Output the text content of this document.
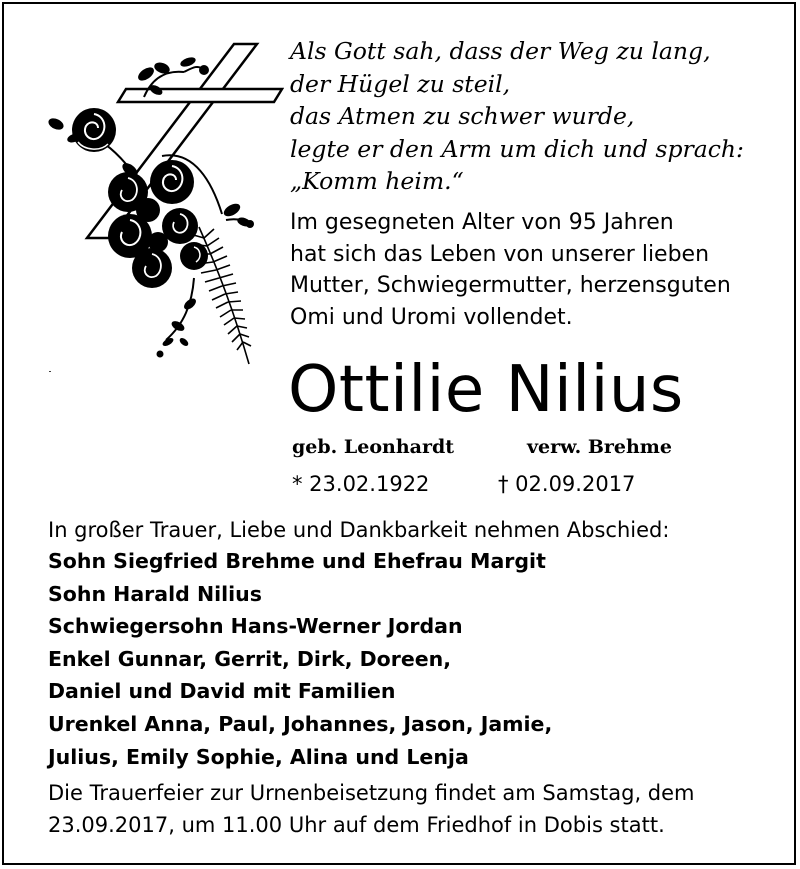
Als Gott sah, dass der Weg zu lang,
der Hügel zu steil,
das Atmen zu schwer wurde,
legte er den Arm um dich und sprach:
„Komm heim.“
Im gesegneten Alter von 95 Jahren
hat sich das Leben von unserer lieben
Mutter, Schwiegermutter, herzensguten
Omi und Uromi vollendet.
Ottilie Nilius
geb. Leonhardt	verw. Brehme
* 23.02.1922	† 02.09.2017
In großer Trauer, Liebe und Dankbarkeit nehmen Abschied:
Sohn Siegfried Brehme und Ehefrau Margit
Sohn Harald Nilius
Schwiegersohn Hans-Werner Jordan
Enkel Gunnar, Gerrit, Dirk, Doreen,
Daniel und David mit Familien
Urenkel Anna, Paul, Johannes, Jason, Jamie,
Julius, Emily Sophie, Alina und Lenja
Die Trauerfeier zur Urnenbeisetzung findet am Samstag, dem
23.09.2017, um 11.00 Uhr auf dem Friedhof in Dobis statt.
